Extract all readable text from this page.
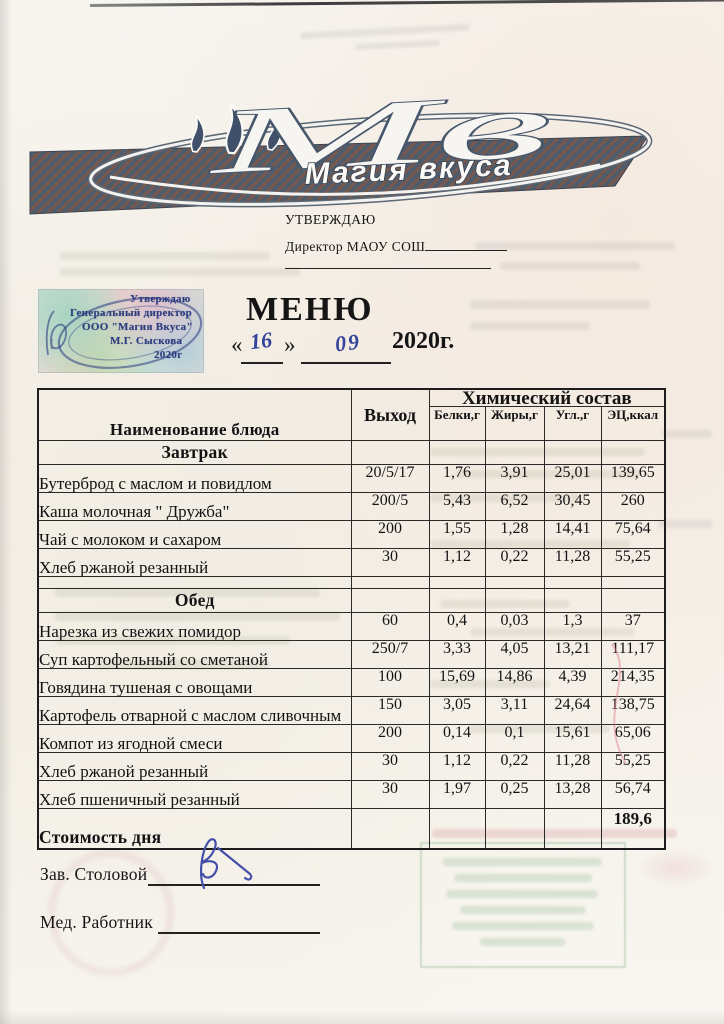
Мв
Магия вкуса
УТВЕРЖДАЮ
Директор МАОУ СОШ
Утверждаю
Генеральный директор
ООО "Магия Вкуса"
М.Г. Сыскова
2020г
МЕНЮ
« 16 » 09 2020г.
Наименование блюда	Выход	Химический состав			
		Белки,г	Жиры,г	Угл.,г	ЭЦ,ккал
Завтрак					
Бутерброд с маслом и повидлом	20/5/17	1,76	3,91	25,01	139,65
Каша молочная " Дружба"	200/5	5,43	6,52	30,45	260
Чай с молоком и сахаром	200	1,55	1,28	14,41	75,64
Хлеб ржаной резанный	30	1,12	0,22	11,28	55,25

Обед					
Нарезка из свежих помидор	60	0,4	0,03	1,3	37
Суп картофельный со сметаной	250/7	3,33	4,05	13,21	111,17
Говядина тушеная с овощами	100	15,69	14,86	4,39	214,35
Картофель отварной с маслом сливочным	150	3,05	3,11	24,64	138,75
Компот из ягодной смеси	200	0,14	0,1	15,61	65,06
Хлеб ржаной резанный	30	1,12	0,22	11,28	55,25
Хлеб пшеничный резанный	30	1,97	0,25	13,28	56,74
Стоимость дня					189,6
Зав. Столовой
Мед. Работник
